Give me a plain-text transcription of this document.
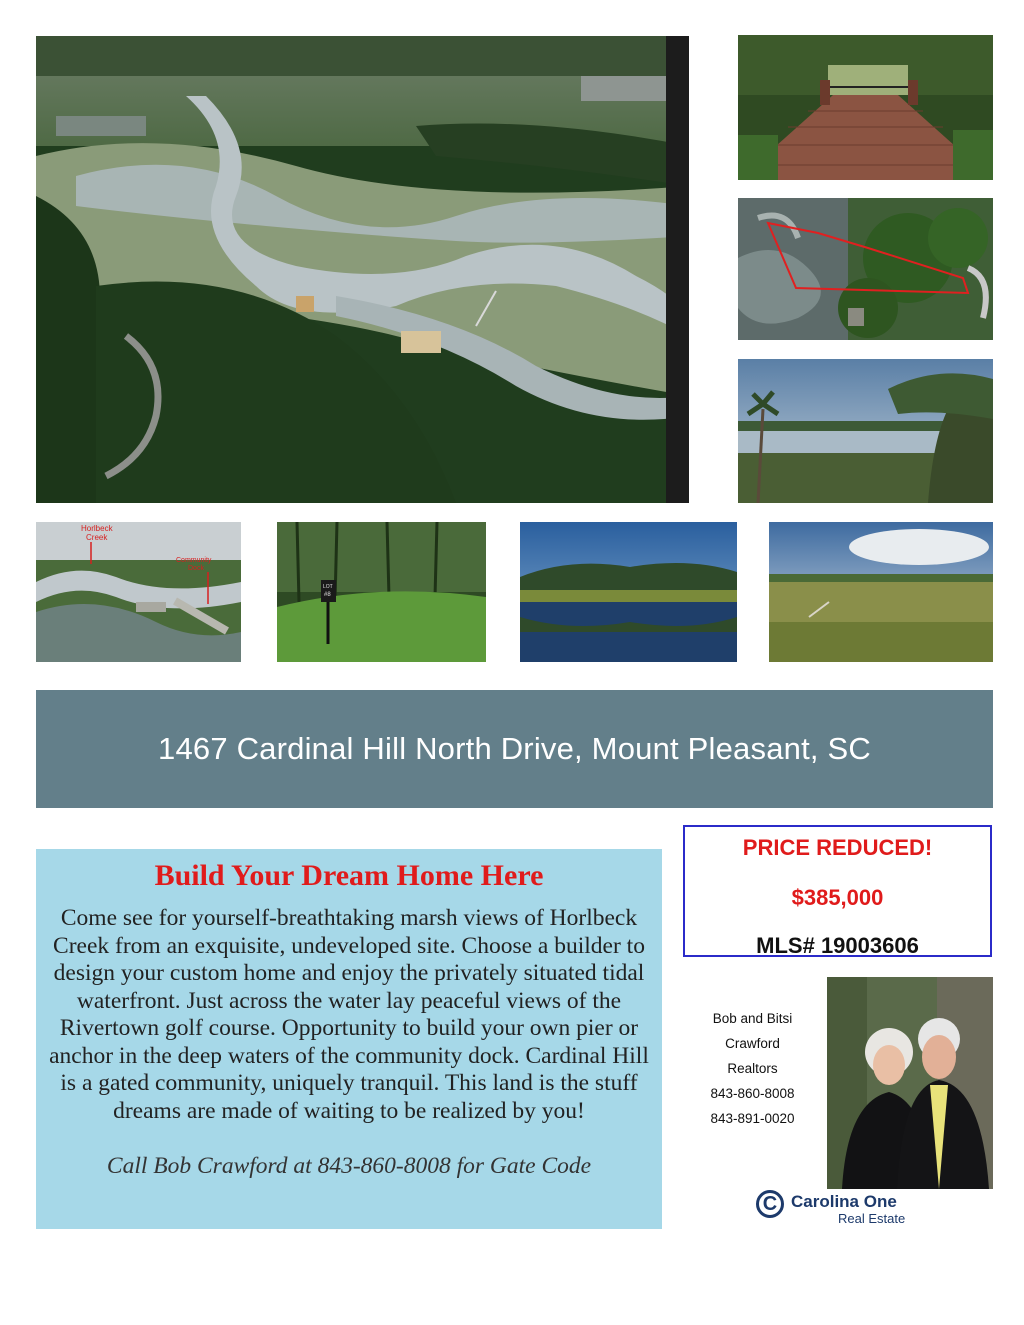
Horlbeck
Creek
Community
Dock
LOT
#8
1467 Cardinal Hill North Drive, Mount Pleasant, SC
Build Your Dream Home Here
Come see for yourself-breathtaking marsh views of Horlbeck Creek from an exquisite, undeveloped site. Choose a builder to design your custom home and enjoy the privately situated tidal waterfront. Just across the water lay peaceful views of the Rivertown golf course. Opportunity to build your own pier or anchor in the deep waters of the community dock. Cardinal Hill is a gated community, uniquely tranquil. This land is the stuff dreams are made of waiting to be realized by you!
Call Bob Crawford at 843-860-8008 for Gate Code
PRICE REDUCED!
$385,000
MLS# 19003606
Bob and Bitsi
Crawford
Realtors
843-860-8008
843-891-0020
C Carolina One
Real Estate
